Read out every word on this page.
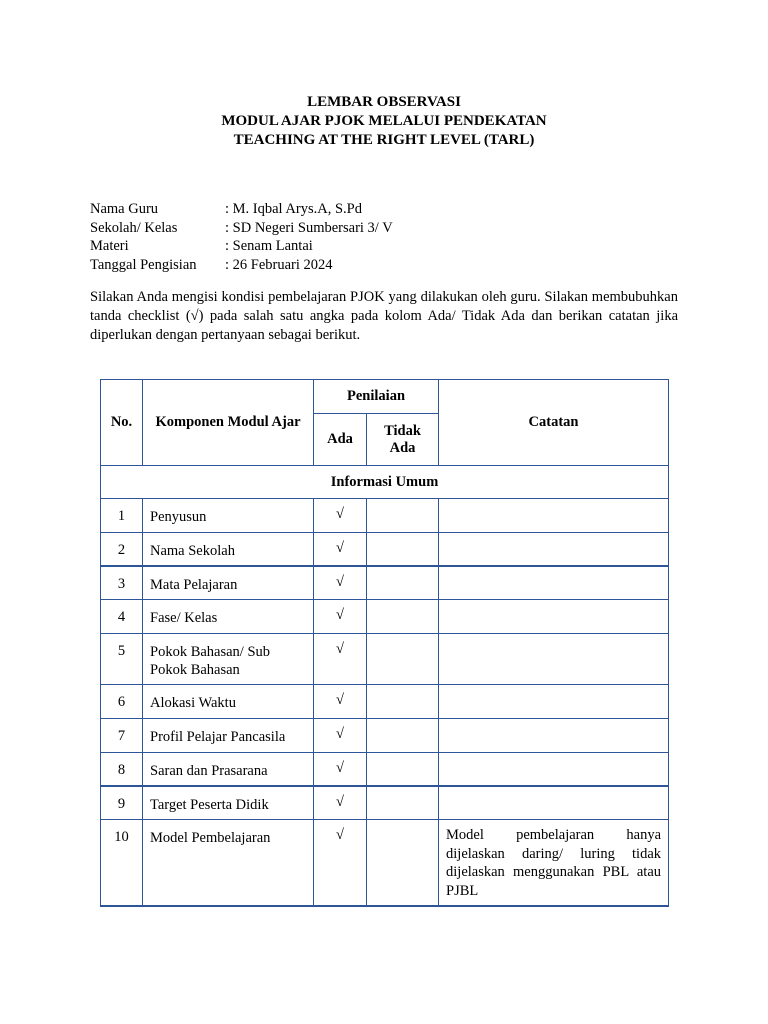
LEMBAR OBSERVASI

MODUL AJAR PJOK MELALUI PENDEKATAN

TEACHING AT THE RIGHT LEVEL (TARL)

Nama Guru	: M. Iqbal Arys.A, S.Pd
Sekolah/ Kelas	: SD Negeri Sumbersari 3/ V
Materi	: Senam Lantai
Tanggal Pengisian	: 26 Februari 2024

Silakan Anda mengisi kondisi pembelajaran PJOK yang dilakukan oleh guru. Silakan membubuhkan tanda checklist (√) pada salah satu angka pada kolom Ada/ Tidak Ada dan berikan catatan jika diperlukan dengan pertanyaan sebagai berikut.

No.	Komponen Modul Ajar	Penilaian		Catatan
		Ada	Tidak Ada	
Informasi Umum				
1	Penyusun	√		
2	Nama Sekolah	√		
3	Mata Pelajaran	√		
4	Fase/ Kelas	√		
5	Pokok Bahasan/ Sub Pokok Bahasan	√		
6	Alokasi Waktu	√		
7	Profil Pelajar Pancasila	√		
8	Saran dan Prasarana	√		
9	Target Peserta Didik	√		
10	Model Pembelajaran	√		Model pembelajaran hanya dijelaskan daring/ luring tidak dijelaskan menggunakan PBL atau PJBL
